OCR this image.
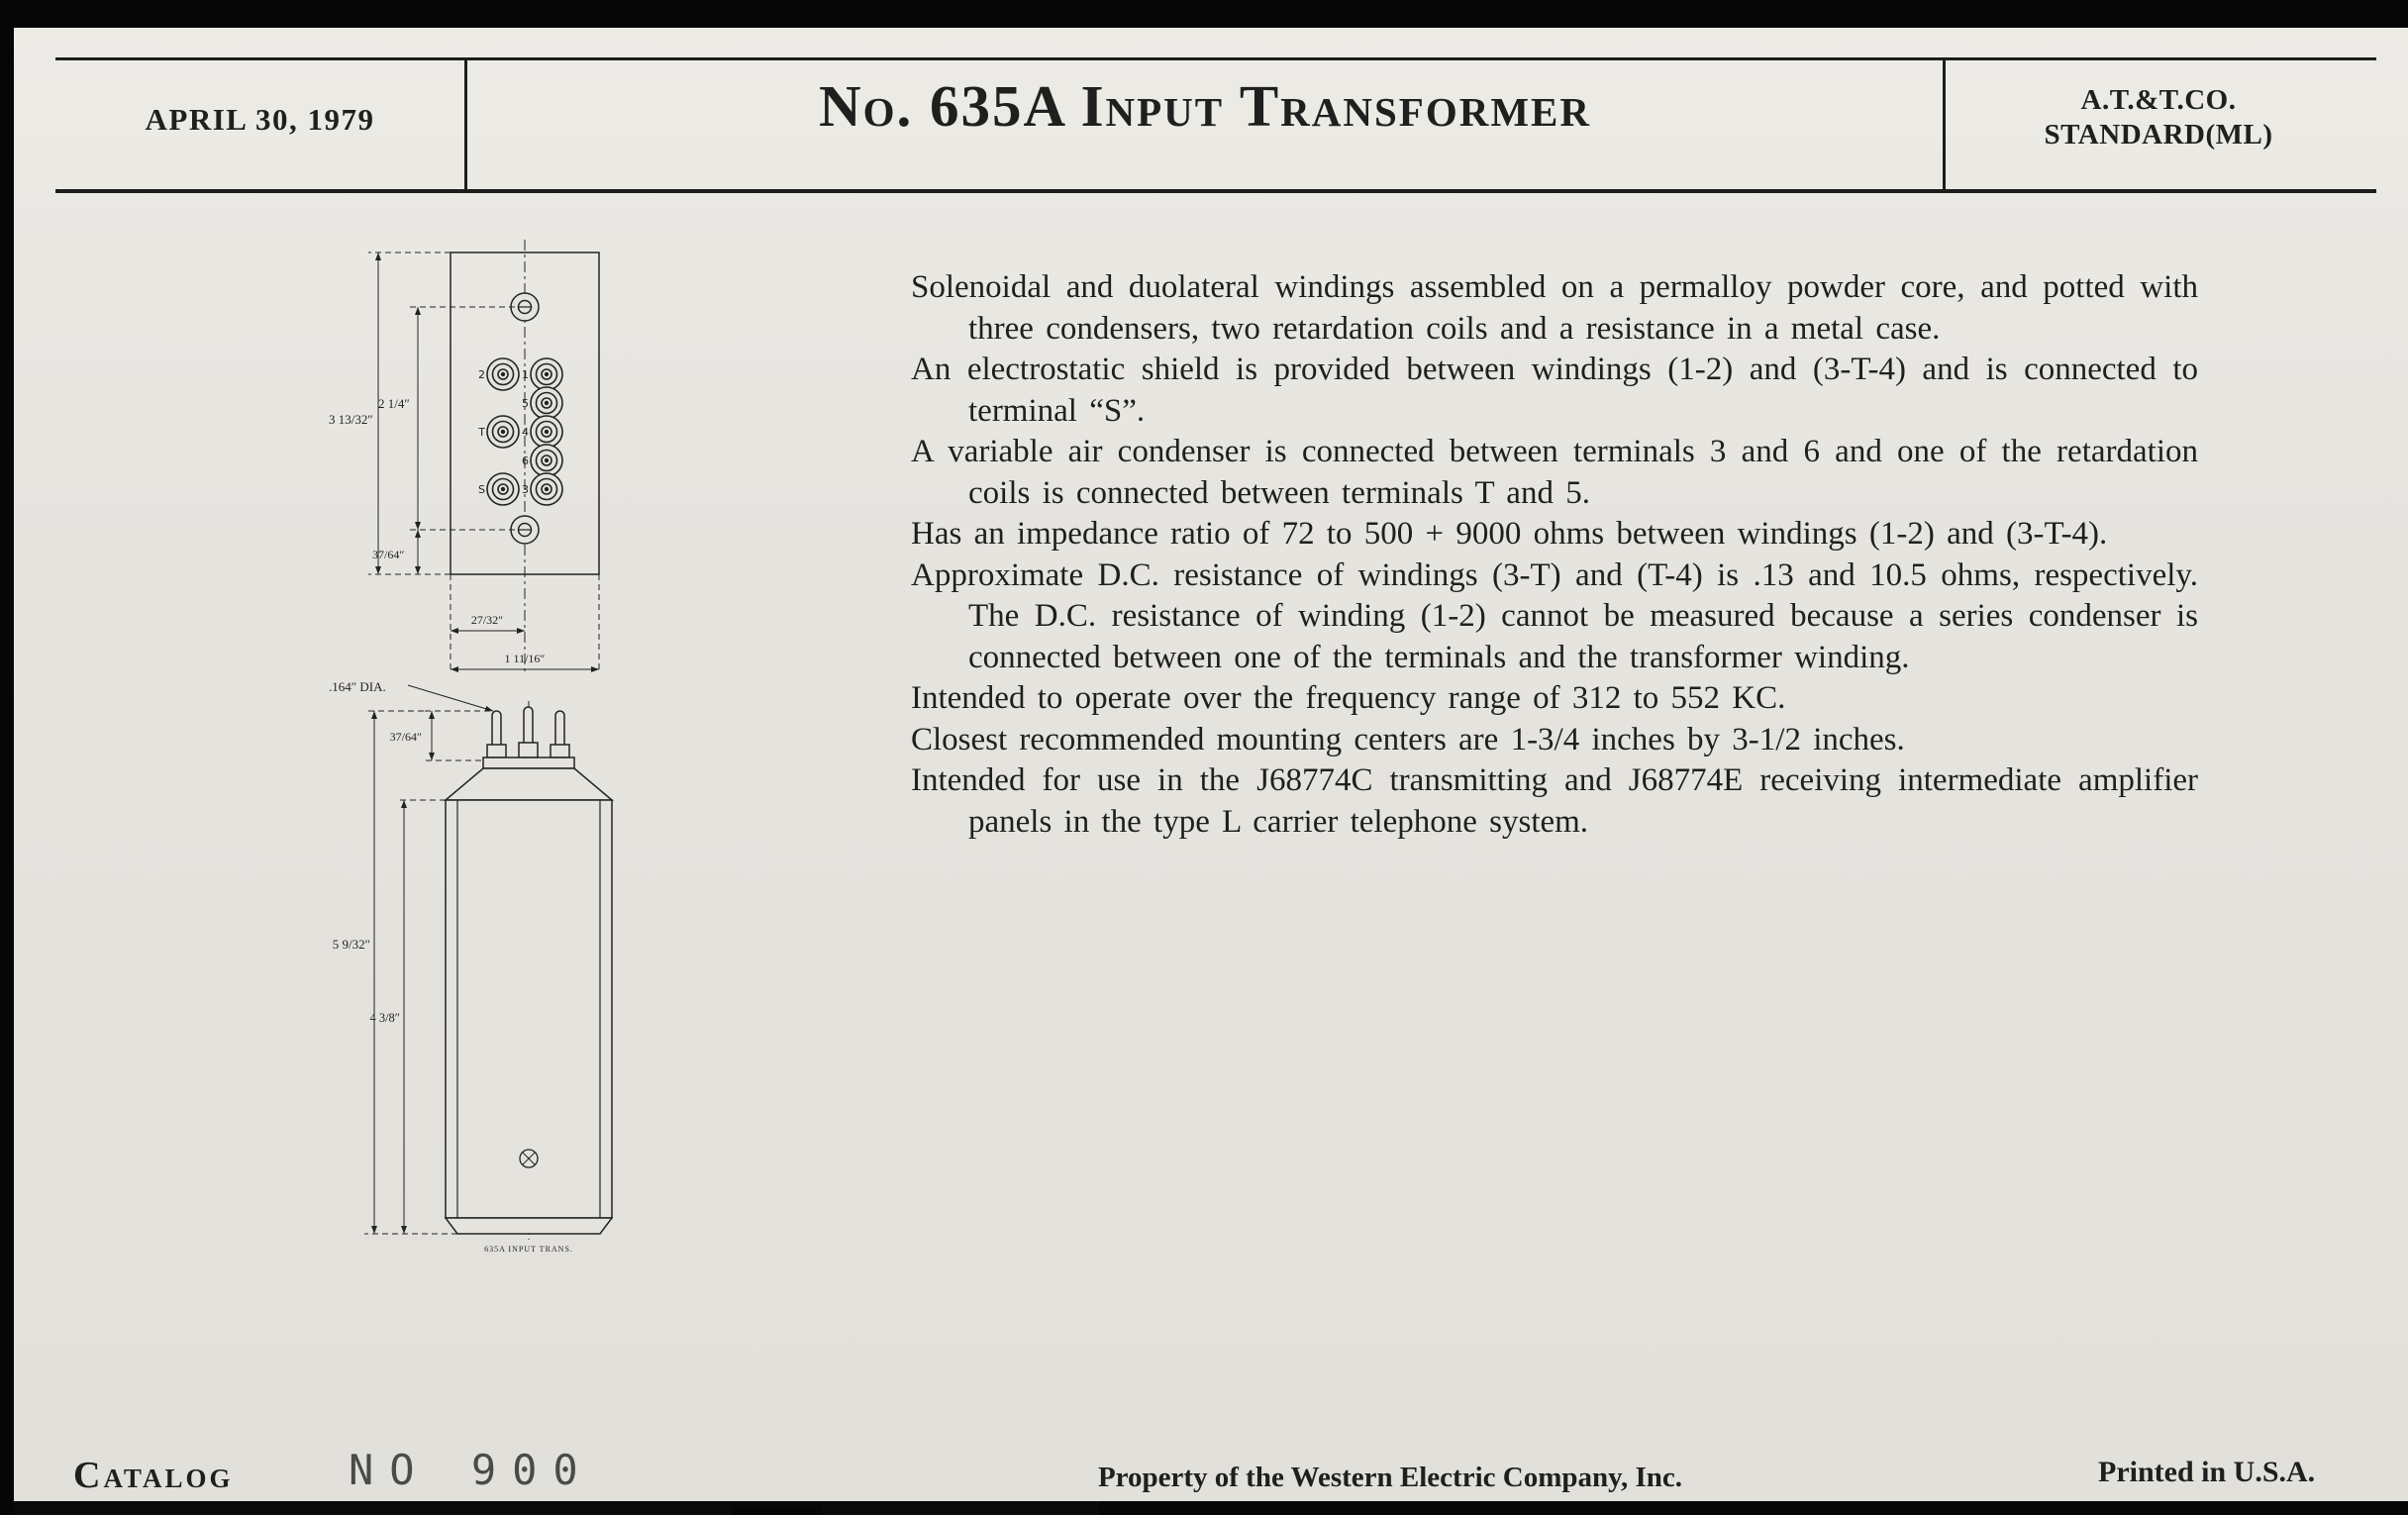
APRIL 30, 1979	No. 635A Input Transformer	A.T.&T.CO.
STANDARD(ML)

Solenoidal and duolateral windings assembled on a permalloy powder core, and potted with three condensers, two retardation coils and a resistance in a metal case.

An electrostatic shield is provided between windings (1-2) and (3-T-4) and is connected to terminal “S”.

A variable air condenser is connected between terminals 3 and 6 and one of the retardation coils is connected between terminals T and 5.

Has an impedance ratio of 72 to 500 + 9000 ohms between windings (1-2) and (3-T-4).

Approximate D.C. resistance of windings (3-T) and (T-4) is .13 and 10.5 ohms, respectively. The D.C. resistance of winding (1-2) cannot be measured because a series condenser is connected between one of the terminals and the transformer winding.

Intended to operate over the frequency range of 312 to 552 KC.

Closest recommended mounting centers are 1-3/4 inches by 3-1/2 inches.

Intended for use in the J68774C transmitting and J68774E receiving intermediate amplifier panels in the type L carrier telephone system.

2	1
5
T	4
6
S	3
3 13/32″
2 1/4″
37/64″
27/32″
1 11/16″
.164″ DIA.
37/64″
5 9/32″
4 3/8″
635A INPUT TRANS.
Catalog	NO 900	Property of the Western Electric Company, Inc.	Printed in U.S.A.
